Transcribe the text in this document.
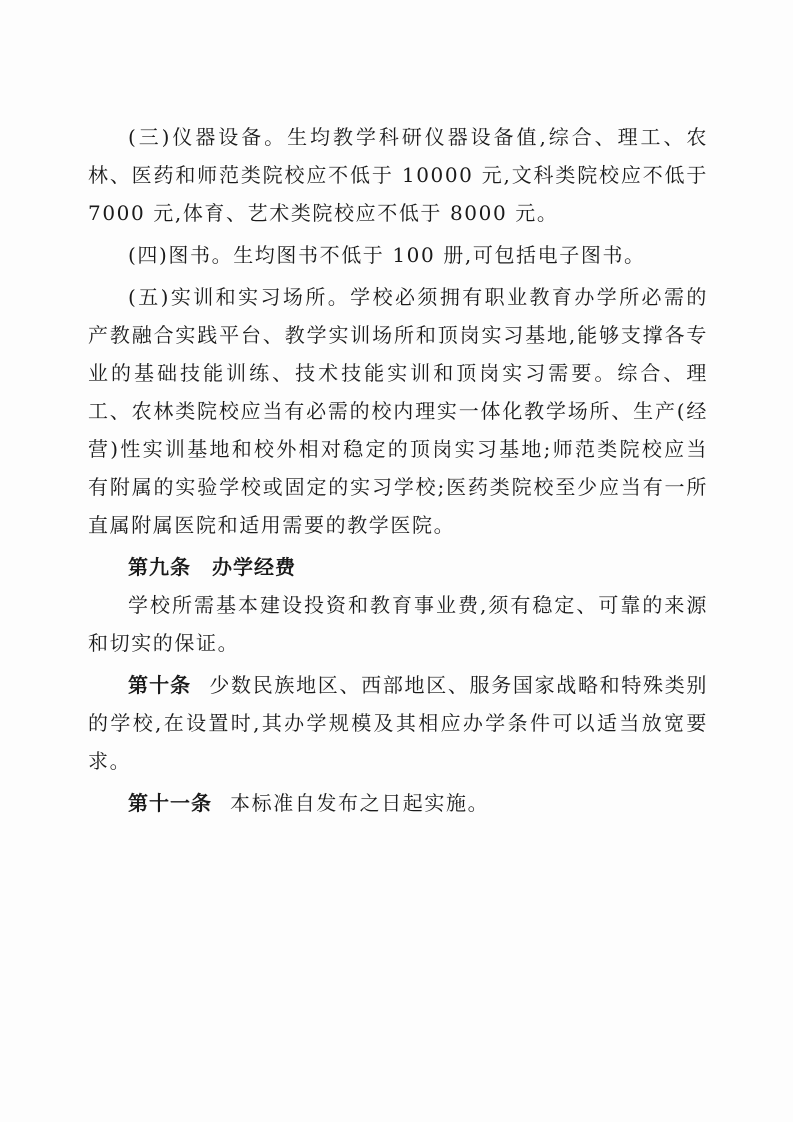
(三)仪器设备。生均教学科研仪器设备值,综合、理工、农林、医药和师范类院校应不低于 10000 元,文科类院校应不低于 7000 元,体育、艺术类院校应不低于 8000 元。

(四)图书。生均图书不低于 100 册,可包括电子图书。

(五)实训和实习场所。学校必须拥有职业教育办学所必需的产教融合实践平台、教学实训场所和顶岗实习基地,能够支撑各专业的基础技能训练、技术技能实训和顶岗实习需要。综合、理工、农林类院校应当有必需的校内理实一体化教学场所、生产(经营)性实训基地和校外相对稳定的顶岗实习基地;师范类院校应当有附属的实验学校或固定的实习学校;医药类院校至少应当有一所直属附属医院和适用需要的教学医院。

第九条　办学经费

学校所需基本建设投资和教育事业费,须有稳定、可靠的来源和切实的保证。

第十条 少数民族地区、西部地区、服务国家战略和特殊类别的学校,在设置时,其办学规模及其相应办学条件可以适当放宽要求。

第十一条 本标准自发布之日起实施。
